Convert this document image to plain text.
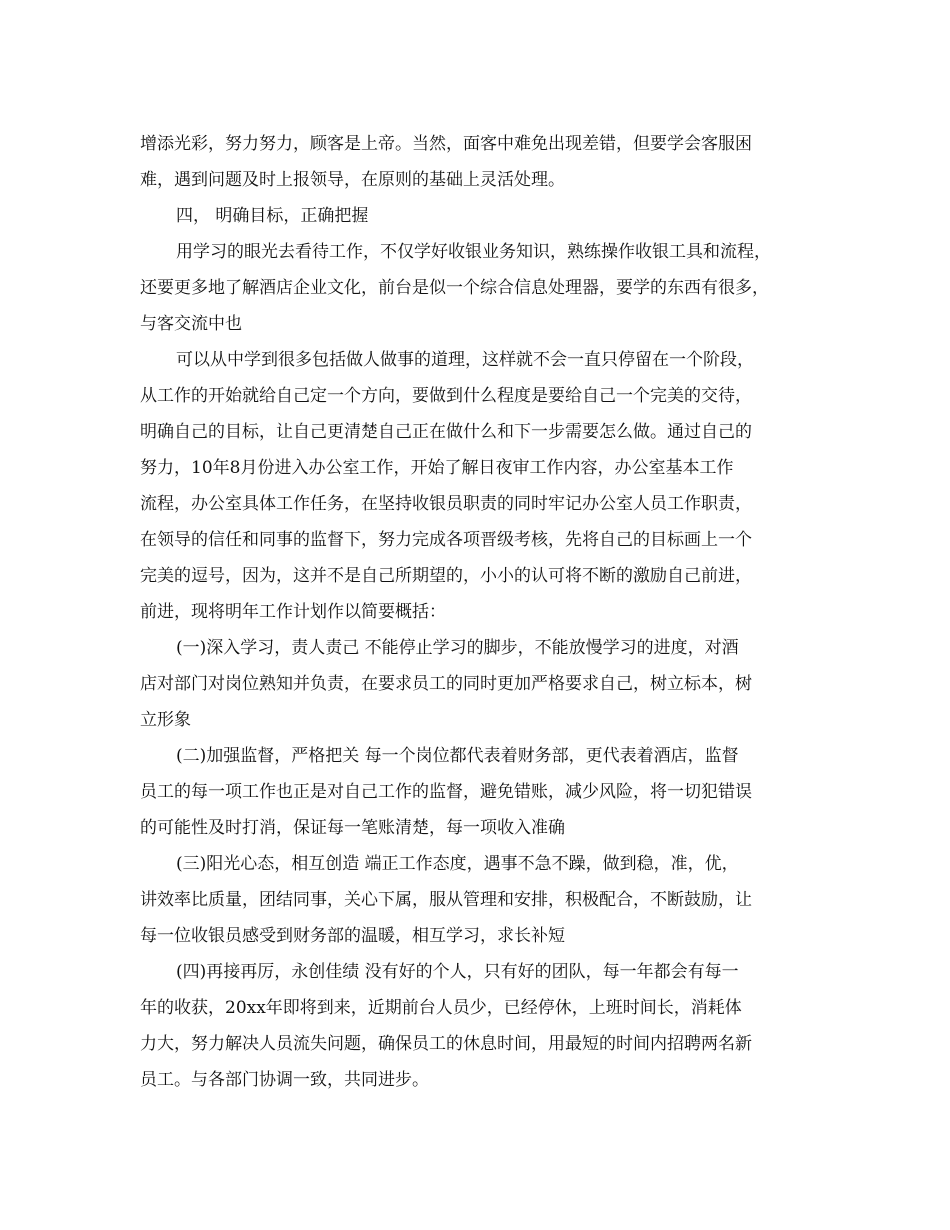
增添光彩，努力努力，顾客是上帝。当然，面客中难免出现差错，但要学会客服困
难，遇到问题及时上报领导，在原则的基础上灵活处理。
四， 明确目标，正确把握
用学习的眼光去看待工作，不仅学好收银业务知识，熟练操作收银工具和流程，
还要更多地了解酒店企业文化，前台是似一个综合信息处理器，要学的东西有很多，
与客交流中也
可以从中学到很多包括做人做事的道理，这样就不会一直只停留在一个阶段，
从工作的开始就给自己定一个方向，要做到什么程度是要给自己一个完美的交待，
明确自己的目标，让自己更清楚自己正在做什么和下一步需要怎么做。通过自己的
努力，10年8月份进入办公室工作，开始了解日夜审工作内容，办公室基本工作
流程，办公室具体工作任务，在坚持收银员职责的同时牢记办公室人员工作职责，
在领导的信任和同事的监督下，努力完成各项晋级考核，先将自己的目标画上一个
完美的逗号，因为，这并不是自己所期望的，小小的认可将不断的激励自己前进，
前进，现将明年工作计划作以简要概括：
(一)深入学习，责人责己 不能停止学习的脚步，不能放慢学习的进度，对酒
店对部门对岗位熟知并负责，在要求员工的同时更加严格要求自己，树立标本，树
立形象
(二)加强监督，严格把关 每一个岗位都代表着财务部，更代表着酒店，监督
员工的每一项工作也正是对自己工作的监督，避免错账，减少风险，将一切犯错误
的可能性及时打消，保证每一笔账清楚，每一项收入准确
(三)阳光心态，相互创造 端正工作态度，遇事不急不躁，做到稳，准，优，
讲效率比质量，团结同事，关心下属，服从管理和安排，积极配合，不断鼓励，让
每一位收银员感受到财务部的温暖，相互学习，求长补短
(四)再接再厉，永创佳绩 没有好的个人，只有好的团队，每一年都会有每一
年的收获，20xx年即将到来，近期前台人员少，已经停休，上班时间长，消耗体
力大，努力解决人员流失问题，确保员工的休息时间，用最短的时间内招聘两名新
员工。与各部门协调一致，共同进步。
